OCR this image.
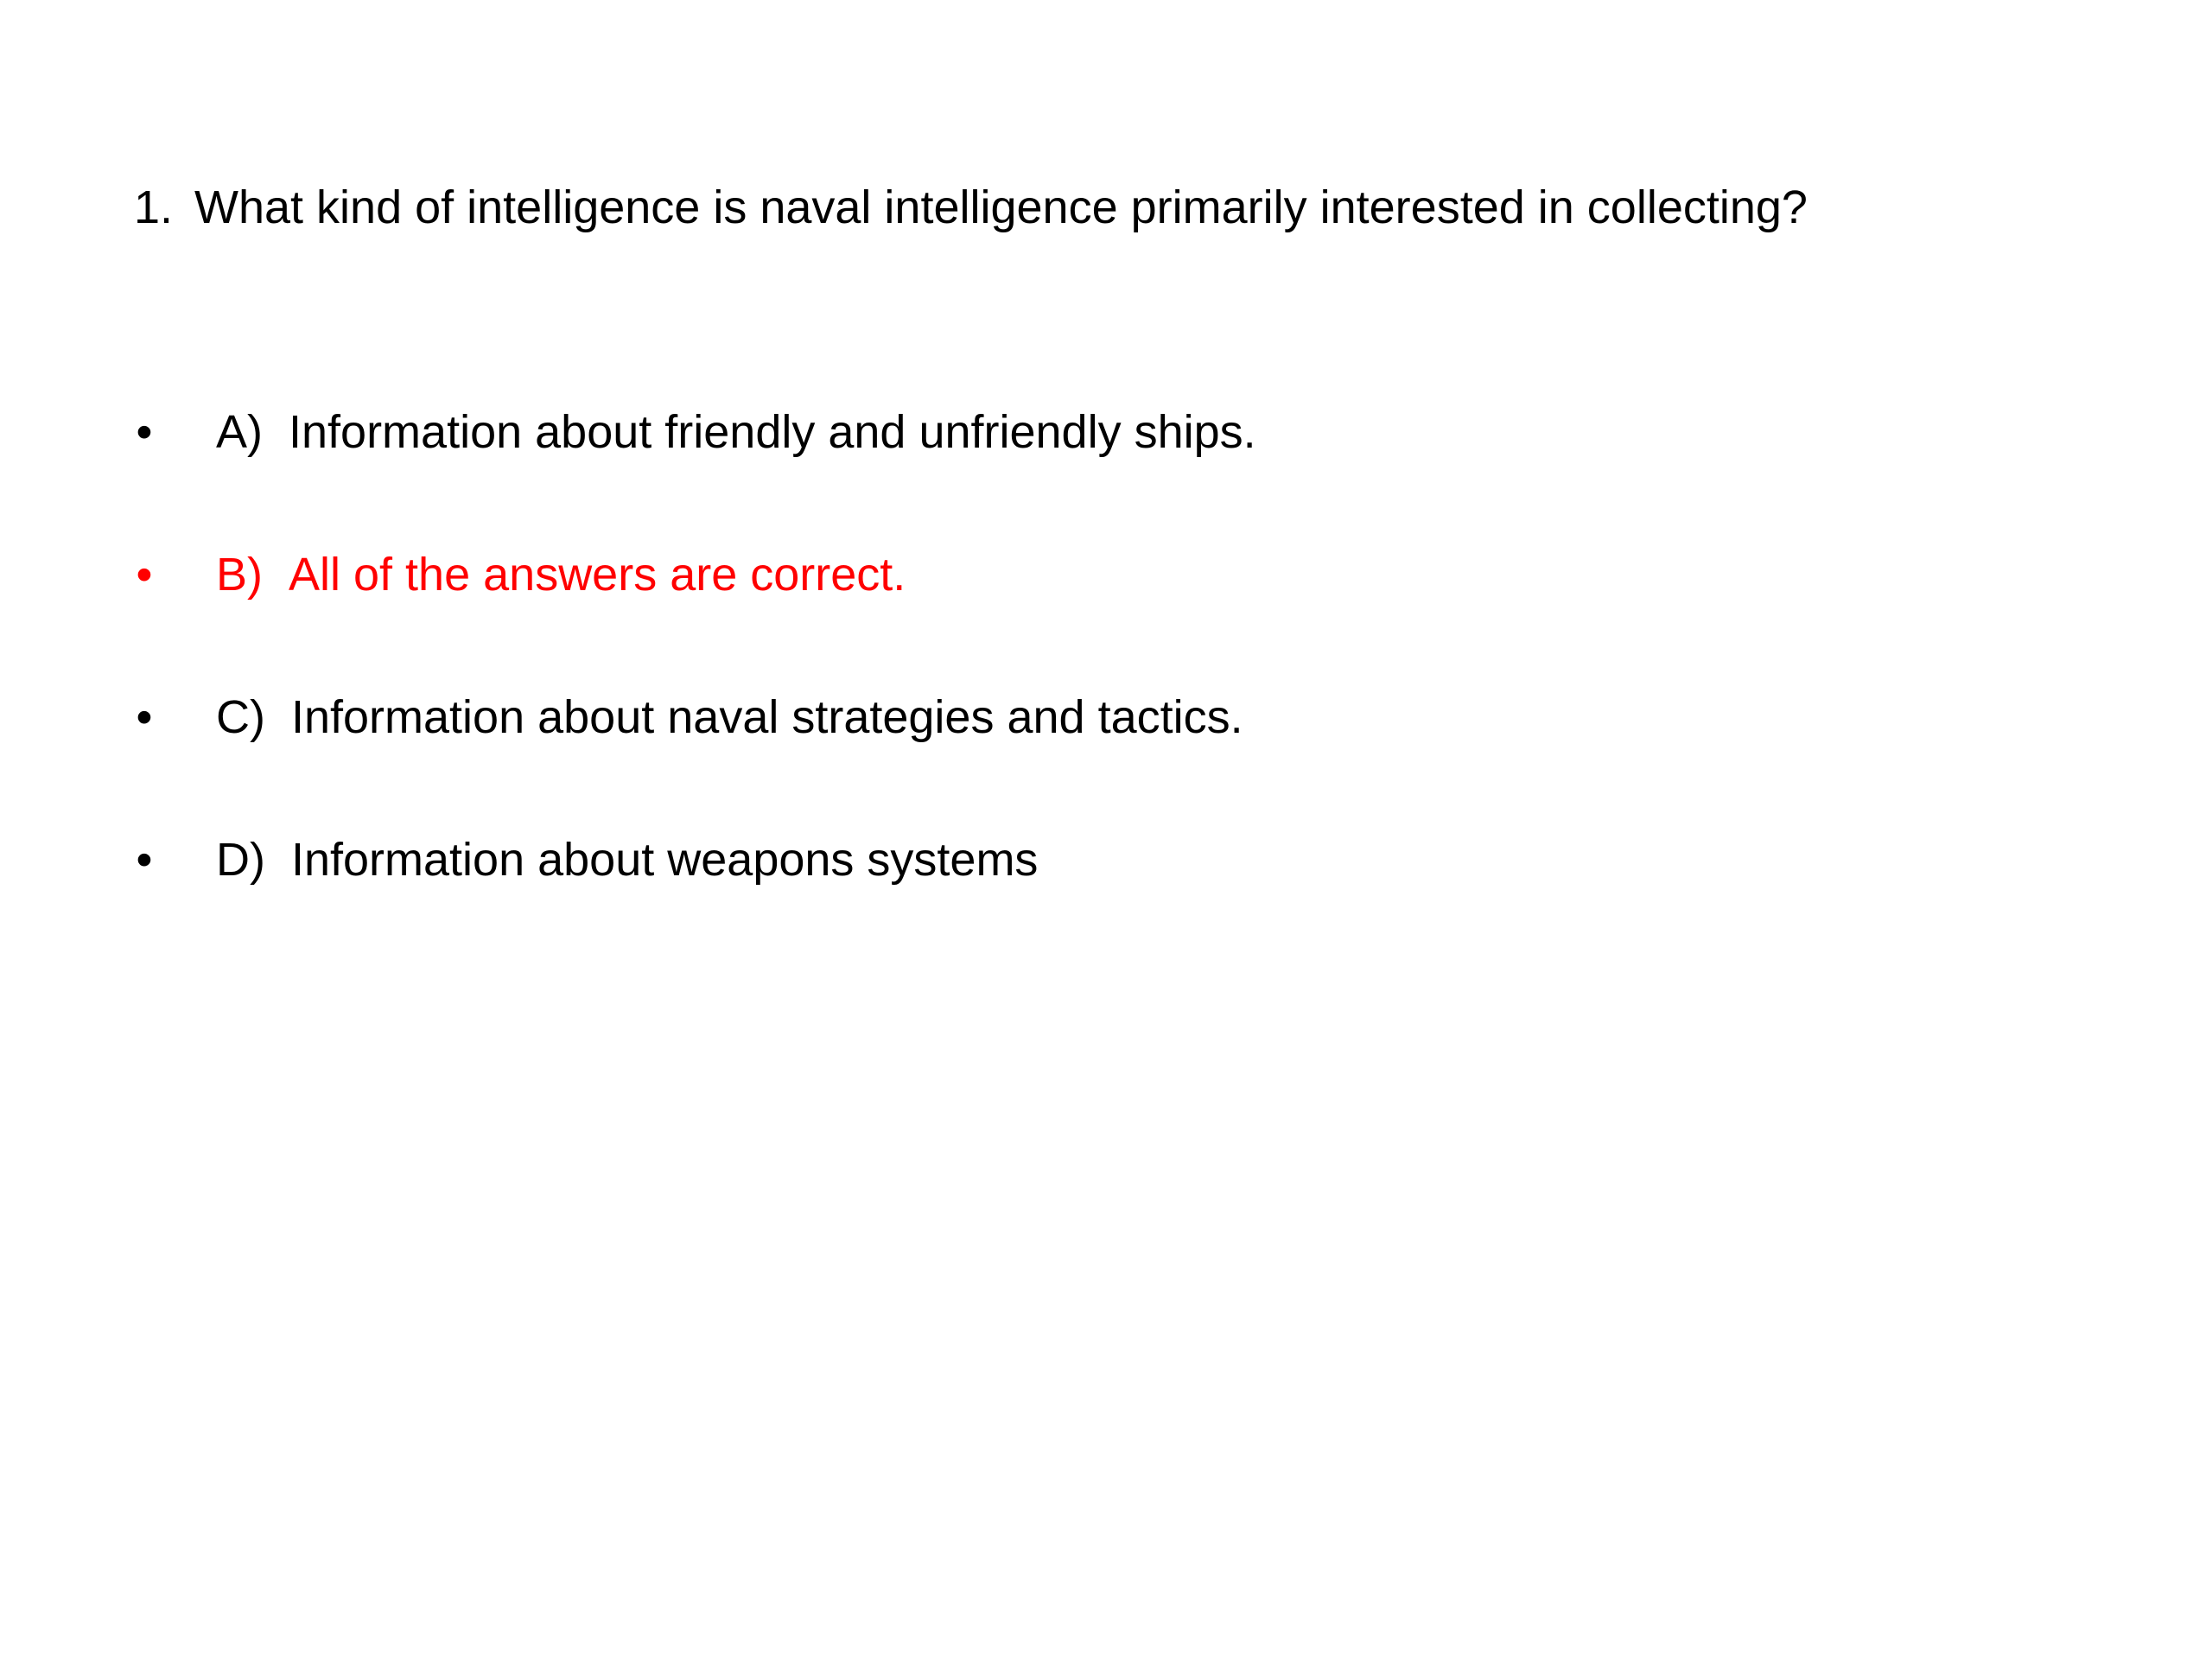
1. What kind of intelligence is naval intelligence primarily interested in collecting?
• A) Information about friendly and unfriendly ships.
• B) All of the answers are correct.
• C) Information about naval strategies and tactics.
• D) Information about weapons systems
